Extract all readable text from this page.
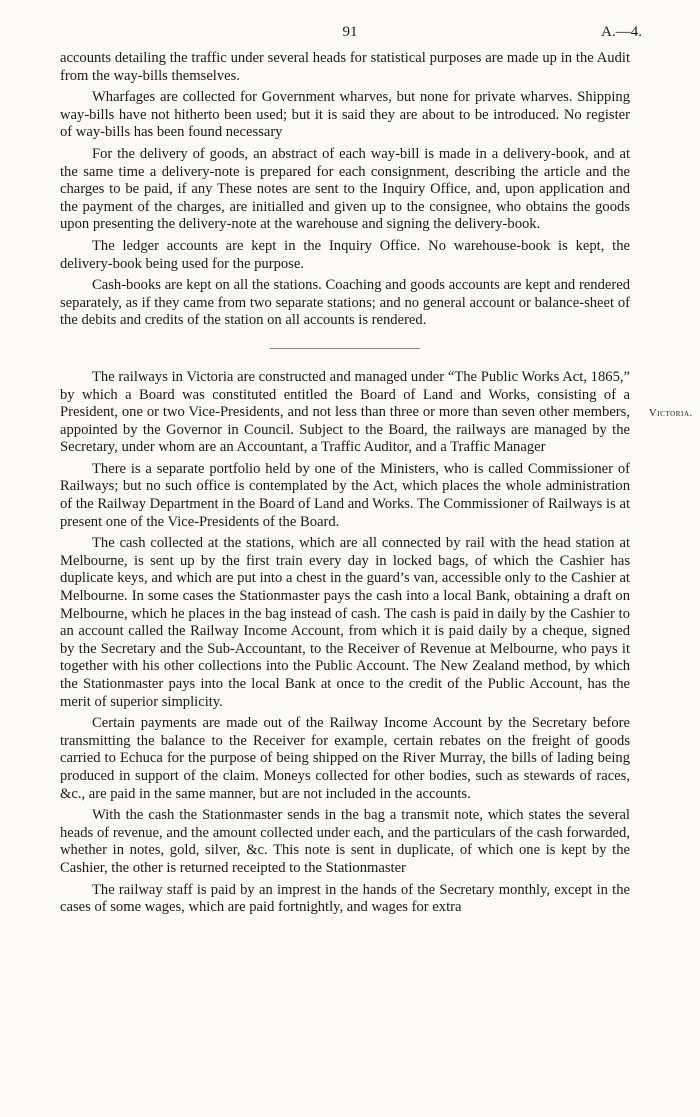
91	A.—4.
Victoria.

accounts detailing the traffic under several heads for statistical purposes are made up in the Audit from the way-bills themselves.

Wharfages are collected for Government wharves, but none for private wharves. Shipping way-bills have not hitherto been used; but it is said they are about to be introduced. No register of way-bills has been found necessary

For the delivery of goods, an abstract of each way-bill is made in a delivery-book, and at the same time a delivery-note is prepared for each consignment, describing the article and the charges to be paid, if any These notes are sent to the Inquiry Office, and, upon application and the payment of the charges, are initialled and given up to the consignee, who obtains the goods upon presenting the delivery-note at the warehouse and signing the delivery-book.

The ledger accounts are kept in the Inquiry Office. No warehouse-book is kept, the delivery-book being used for the purpose.

Cash-books are kept on all the stations. Coaching and goods accounts are kept and rendered separately, as if they came from two separate stations; and no general account or balance-sheet of the debits and credits of the station on all accounts is rendered.

The railways in Victoria are constructed and managed under “The Public Works Act, 1865,” by which a Board was constituted entitled the Board of Land and Works, consisting of a President, one or two Vice-Presidents, and not less than three or more than seven other members, appointed by the Governor in Council. Subject to the Board, the railways are managed by the Secretary, under whom are an Accountant, a Traffic Auditor, and a Traffic Manager

There is a separate portfolio held by one of the Ministers, who is called Commissioner of Railways; but no such office is contemplated by the Act, which places the whole administration of the Railway Department in the Board of Land and Works. The Commissioner of Railways is at present one of the Vice-Presidents of the Board.

The cash collected at the stations, which are all connected by rail with the head station at Melbourne, is sent up by the first train every day in locked bags, of which the Cashier has duplicate keys, and which are put into a chest in the guard’s van, accessible only to the Cashier at Melbourne. In some cases the Stationmaster pays the cash into a local Bank, obtaining a draft on Melbourne, which he places in the bag instead of cash. The cash is paid in daily by the Cashier to an account called the Railway Income Account, from which it is paid daily by a cheque, signed by the Secretary and the Sub-Accountant, to the Receiver of Revenue at Melbourne, who pays it together with his other collections into the Public Account. The New Zealand method, by which the Stationmaster pays into the local Bank at once to the credit of the Public Account, has the merit of superior simplicity.

Certain payments are made out of the Railway Income Account by the Secretary before transmitting the balance to the Receiver for example, certain rebates on the freight of goods carried to Echuca for the purpose of being shipped on the River Murray, the bills of lading being produced in support of the claim. Moneys collected for other bodies, such as stewards of races, &c., are paid in the same manner, but are not included in the accounts.

With the cash the Stationmaster sends in the bag a transmit note, which states the several heads of revenue, and the amount collected under each, and the particulars of the cash forwarded, whether in notes, gold, silver, &c. This note is sent in duplicate, of which one is kept by the Cashier, the other is returned receipted to the Stationmaster

The railway staff is paid by an imprest in the hands of the Secretary monthly, except in the cases of some wages, which are paid fortnightly, and wages for extra
